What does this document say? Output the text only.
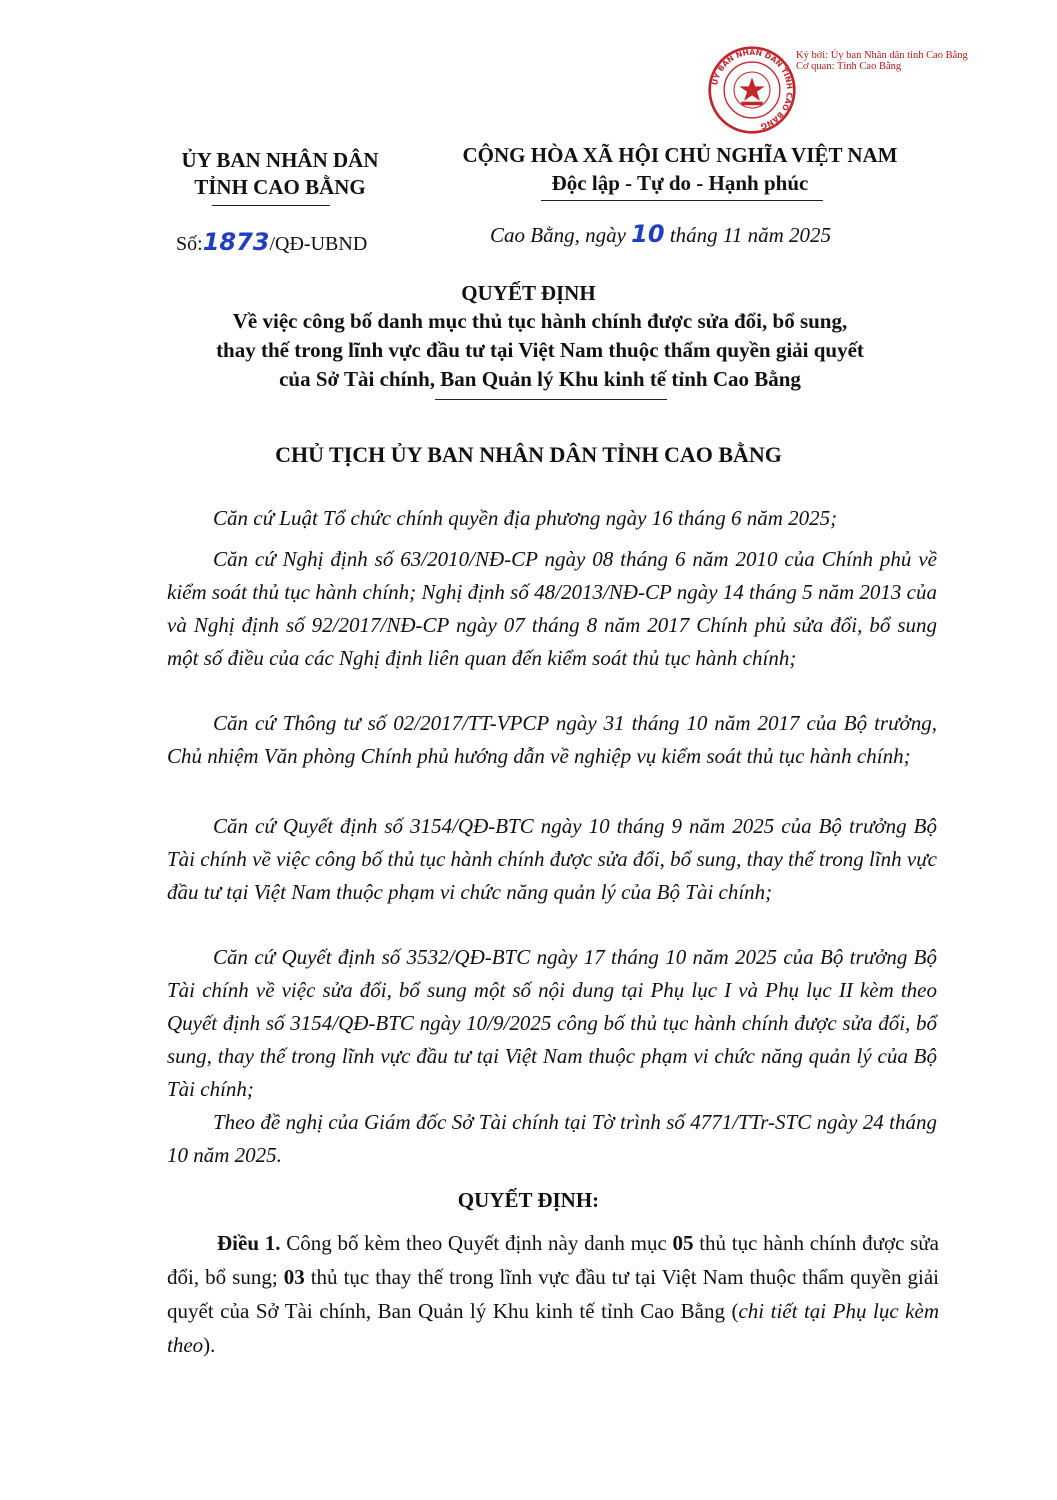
ỦY BAN NHÂN DÂN TỈNH CAO BẰNG
Ký bởi: Ủy ban Nhân dân tỉnh Cao Bằng
Cơ quan: Tỉnh Cao Bằng
ỦY BAN NHÂN DÂN
TỈNH CAO BẰNG
CỘNG HÒA XÃ HỘI CHỦ NGHĨA VIỆT NAM
Độc lập - Tự do - Hạnh phúc
Số:1873/QĐ-UBND	Cao Bằng, ngày 10 tháng 11 năm 2025
QUYẾT ĐỊNH
Về việc công bố danh mục thủ tục hành chính được sửa đổi, bổ sung,
thay thế trong lĩnh vực đầu tư tại Việt Nam thuộc thẩm quyền giải quyết
của Sở Tài chính, Ban Quản lý Khu kinh tế tỉnh Cao Bằng
CHỦ TỊCH ỦY BAN NHÂN DÂN TỈNH CAO BẰNG

Căn cứ Luật Tổ chức chính quyền địa phương ngày 16 tháng 6 năm 2025;

Căn cứ Nghị định số 63/2010/NĐ-CP ngày 08 tháng 6 năm 2010 của Chính phủ về kiểm soát thủ tục hành chính; Nghị định số 48/2013/NĐ-CP ngày 14 tháng 5 năm 2013 của và Nghị định số 92/2017/NĐ-CP ngày 07 tháng 8 năm 2017 Chính phủ sửa đổi, bổ sung một số điều của các Nghị định liên quan đến kiểm soát thủ tục hành chính;

Căn cứ Thông tư số 02/2017/TT-VPCP ngày 31 tháng 10 năm 2017 của Bộ trưởng, Chủ nhiệm Văn phòng Chính phủ hướng dẫn về nghiệp vụ kiểm soát thủ tục hành chính;

Căn cứ Quyết định số 3154/QĐ-BTC ngày 10 tháng 9 năm 2025 của Bộ trưởng Bộ Tài chính về việc công bố thủ tục hành chính được sửa đổi, bổ sung, thay thế trong lĩnh vực đầu tư tại Việt Nam thuộc phạm vi chức năng quản lý của Bộ Tài chính;

Căn cứ Quyết định số 3532/QĐ-BTC ngày 17 tháng 10 năm 2025 của Bộ trưởng Bộ Tài chính về việc sửa đổi, bổ sung một số nội dung tại Phụ lục I và Phụ lục II kèm theo Quyết định số 3154/QĐ-BTC ngày 10/9/2025 công bố thủ tục hành chính được sửa đổi, bổ sung, thay thế trong lĩnh vực đầu tư tại Việt Nam thuộc phạm vi chức năng quản lý của Bộ Tài chính;

Theo đề nghị của Giám đốc Sở Tài chính tại Tờ trình số 4771/TTr-STC ngày 24 tháng 10 năm 2025.

QUYẾT ĐỊNH:

Điều 1. Công bố kèm theo Quyết định này danh mục 05 thủ tục hành chính được sửa đổi, bổ sung; 03 thủ tục thay thế trong lĩnh vực đầu tư tại Việt Nam thuộc thẩm quyền giải quyết của Sở Tài chính, Ban Quản lý Khu kinh tế tỉnh Cao Bằng (chi tiết tại Phụ lục kèm theo).
